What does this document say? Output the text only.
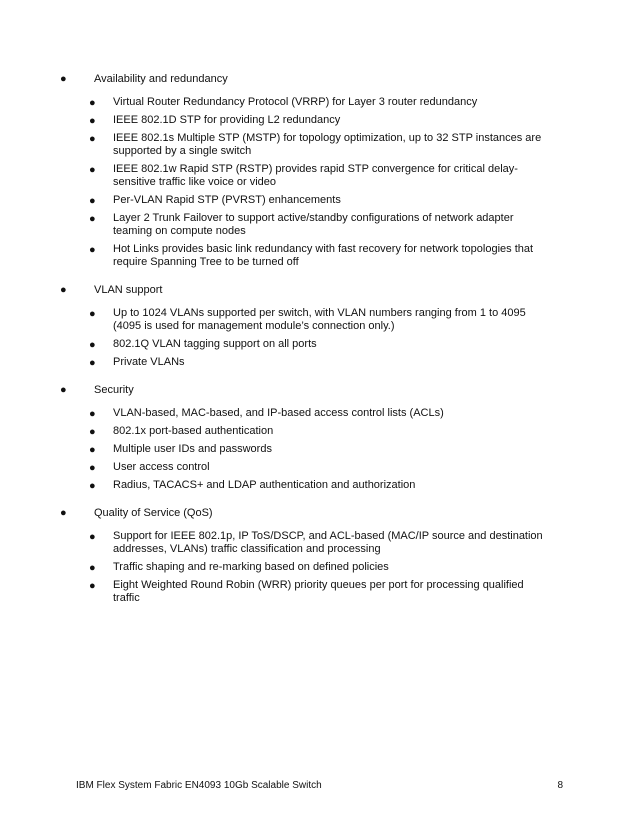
● Availability and redundancy
● Virtual Router Redundancy Protocol (VRRP) for Layer 3 router redundancy
● IEEE 802.1D STP for providing L2 redundancy
● IEEE 802.1s Multiple STP (MSTP) for topology optimization, up to 32 STP instances are supported by a single switch
● IEEE 802.1w Rapid STP (RSTP) provides rapid STP convergence for critical delay-sensitive traffic like voice or video
● Per-VLAN Rapid STP (PVRST) enhancements
● Layer 2 Trunk Failover to support active/standby configurations of network adapter teaming on compute nodes
● Hot Links provides basic link redundancy with fast recovery for network topologies that require Spanning Tree to be turned off
● VLAN support
● Up to 1024 VLANs supported per switch, with VLAN numbers ranging from 1 to 4095 (4095 is used for management module’s connection only.)
● 802.1Q VLAN tagging support on all ports
● Private VLANs
● Security
● VLAN-based, MAC-based, and IP-based access control lists (ACLs)
● 802.1x port-based authentication
● Multiple user IDs and passwords
● User access control
● Radius, TACACS+ and LDAP authentication and authorization
● Quality of Service (QoS)
● Support for IEEE 802.1p, IP ToS/DSCP, and ACL-based (MAC/IP source and destination addresses, VLANs) traffic classification and processing
● Traffic shaping and re-marking based on defined policies
● Eight Weighted Round Robin (WRR) priority queues per port for processing qualified traffic
IBM Flex System Fabric EN4093 10Gb Scalable Switch	8
